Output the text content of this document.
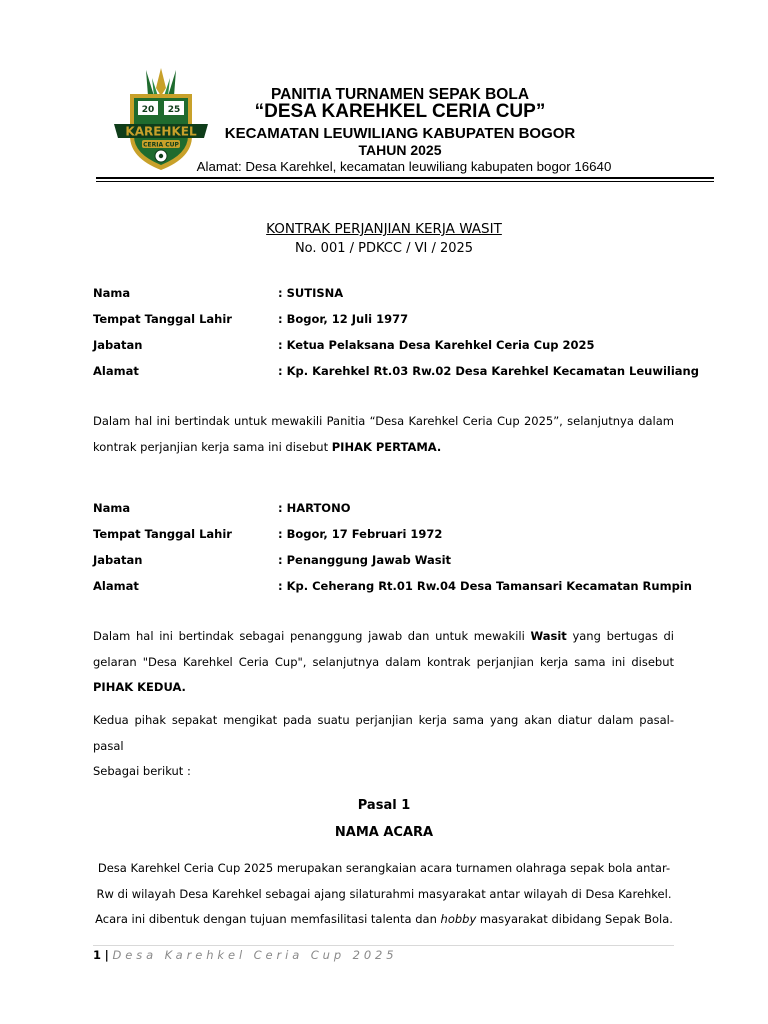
20 25
KAREHKEL
CERIA CUP
PANITIA TURNAMEN SEPAK BOLA
“DESA KAREHKEL CERIA CUP”
KECAMATAN LEUWILIANG KABUPATEN BOGOR
TAHUN 2025
Alamat: Desa Karehkel, kecamatan leuwiliang kabupaten bogor 16640
KONTRAK PERJANJIAN KERJA WASIT
No. 001 / PDKCC / VI / 2025
Nama	: SUTISNA
Tempat Tanggal Lahir	: Bogor, 12 Juli 1977
Jabatan	: Ketua Pelaksana Desa Karehkel Ceria Cup 2025
Alamat	: Kp. Karehkel Rt.03 Rw.02 Desa Karehkel Kecamatan Leuwiliang
Dalam hal ini bertindak untuk mewakili Panitia “Desa Karehkel Ceria Cup 2025”, selanjutnya dalam
kontrak perjanjian kerja sama ini disebut PIHAK PERTAMA.
Nama	: HARTONO
Tempat Tanggal Lahir	: Bogor, 17 Februari 1972
Jabatan	: Penanggung Jawab Wasit
Alamat	: Kp. Ceherang Rt.01 Rw.04 Desa Tamansari Kecamatan Rumpin
Dalam hal ini bertindak sebagai penanggung jawab dan untuk mewakili Wasit yang bertugas di
gelaran "Desa Karehkel Ceria Cup", selanjutnya dalam kontrak perjanjian kerja sama ini disebut
PIHAK KEDUA.
Kedua pihak sepakat mengikat pada suatu perjanjian kerja sama yang akan diatur dalam pasal-pasal
Sebagai berikut :
Pasal 1
NAMA ACARA
Desa Karehkel Ceria Cup 2025 merupakan serangkaian acara turnamen olahraga sepak bola antar-
Rw di wilayah Desa Karehkel sebagai ajang silaturahmi masyarakat antar wilayah di Desa Karehkel.
Acara ini dibentuk dengan tujuan memfasilitasi talenta dan hobby masyarakat dibidang Sepak Bola.
1 | Desa Karehkel Ceria Cup 2025
